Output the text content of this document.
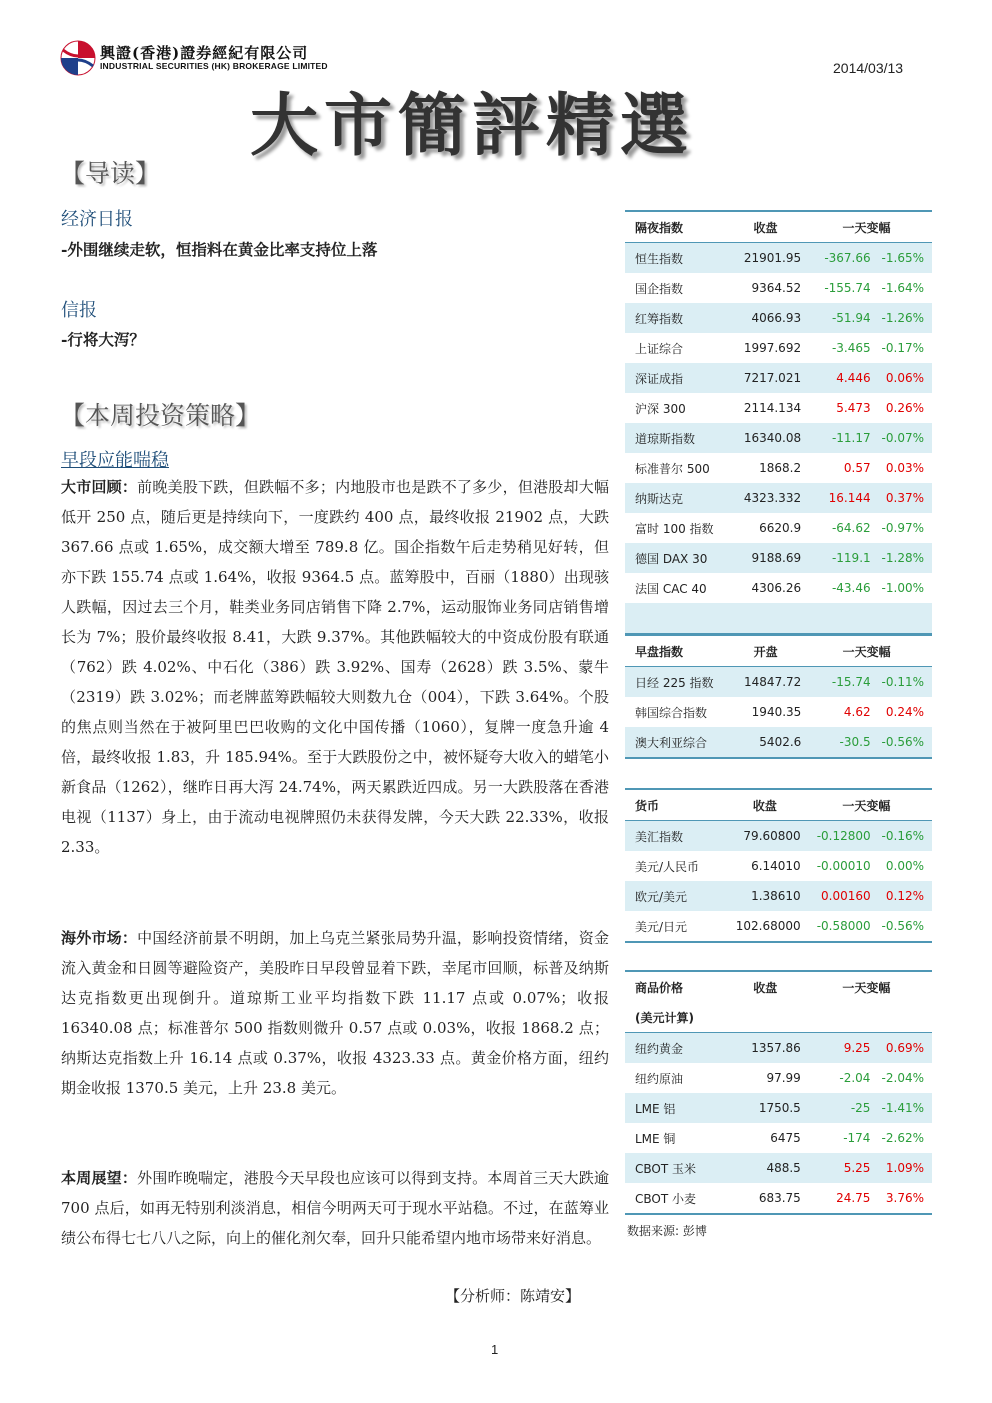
興證(香港)證券經紀有限公司
INDUSTRIAL SECURITIES (HK) BROKERAGE LIMITED	2014/03/13
大市簡評精選
【导读】
经济日报
-外围继续走软，恒指料在黄金比率支持位上落
信报
-行将大泻？
【本周投资策略】
早段应能喘稳
大市回顾：前晚美股下跌，但跌幅不多；内地股市也是跌不了多少，但港股却大幅低开 250 点，随后更是持续向下，一度跌约 400 点，最终收报 21902 点，大跌 367.66 点或 1.65%，成交额大增至 789.8 亿。国企指数午后走势稍见好转，但亦下跌 155.74 点或 1.64%，收报 9364.5 点。蓝筹股中，百丽（1880）出现骇人跌幅，因过去三个月，鞋类业务同店销售下降 2.7%，运动服饰业务同店销售增长为 7%；股价最终收报 8.41，大跌 9.37%。其他跌幅较大的中资成份股有联通（762）跌 4.02%、中石化（386）跌 3.92%、国寿（2628）跌 3.5%、蒙牛（2319）跌 3.02%；而老牌蓝筹跌幅较大则数九仓（004），下跌 3.64%。个股的焦点则当然在于被阿里巴巴收购的文化中国传播（1060），复牌一度急升逾 4 倍，最终收报 1.83，升 185.94%。至于大跌股份之中，被怀疑夸大收入的蜡笔小新食品（1262），继昨日再大泻 24.74%，两天累跌近四成。另一大跌股落在香港电视（1137）身上，由于流动电视牌照仍未获得发牌，今天大跌 22.33%，收报 2.33。
海外市场：中国经济前景不明朗，加上乌克兰紧张局势升温，影响投资情绪，资金流入黄金和日圆等避险资产，美股昨日早段曾显着下跌，幸尾市回顺，标普及纳斯达克指数更出现倒升。道琼斯工业平均指数下跌 11.17 点或 0.07%；收报 16340.08 点；标准普尔 500 指数则微升 0.57 点或 0.03%，收报 1868.2 点；纳斯达克指数上升 16.14 点或 0.37%，收报 4323.33 点。黄金价格方面，纽约期金收报 1370.5 美元，上升 23.8 美元。
本周展望：外围昨晚喘定，港股今天早段也应该可以得到支持。本周首三天大跌逾 700 点后，如再无特别利淡消息，相信今明两天可于现水平站稳。不过，在蓝筹业绩公布得七七八八之际，向上的催化剂欠奉，回升只能希望内地市场带来好消息。
【分析师：陈靖安】
隔夜指数	收盘	一天变幅	
恒生指数	21901.95	-367.66	-1.65%
国企指数	9364.52	-155.74	-1.64%
红筹指数	4066.93	-51.94	-1.26%
上证综合	1997.692	-3.465	-0.17%
深证成指	7217.021	4.446	0.06%
沪深 300	2114.134	5.473	0.26%
道琼斯指数	16340.08	-11.17	-0.07%
标准普尔 500	1868.2	0.57	0.03%
纳斯达克	4323.332	16.144	0.37%
富时 100 指数	6620.9	-64.62	-0.97%
德国 DAX 30	9188.69	-119.1	-1.28%
法国 CAC 40	4306.26	-43.46	-1.00%

早盘指数	开盘	一天变幅	
日经 225 指数	14847.72	-15.74	-0.11%
韩国综合指数	1940.35	4.62	0.24%
澳大利亚综合	5402.6	-30.5	-0.56%
货币	收盘	一天变幅	
美汇指数	79.60800	-0.12800	-0.16%
美元/人民币	6.14010	-0.00010	0.00%
欧元/美元	1.38610	0.00160	0.12%
美元/日元	102.68000	-0.58000	-0.56%
商品价格	收盘	一天变幅	
(美元计算)			
纽约黄金	1357.86	9.25	0.69%
纽约原油	97.99	-2.04	-2.04%
LME 铝	1750.5	-25	-1.41%
LME 铜	6475	-174	-2.62%
CBOT 玉米	488.5	5.25	1.09%
CBOT 小麦	683.75	24.75	3.76%
数据来源: 彭博
1
